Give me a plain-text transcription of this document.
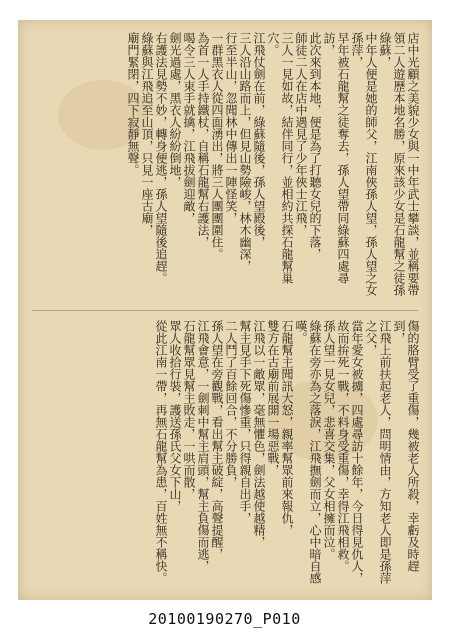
店中光顧之美貌少女與一中年武士攀談，並稱要帶領二人遊歷本地名勝，原來該少女是石龍幫之徒孫綠蘇，

中年人便是她的師父，江南俠孫人望，孫人望之女孫萍，

早年被石龍幫之徒奪去，孫人望帶同綠蘇四處尋訪，

此次來到本地，便是為了打聽女兒的下落，

師徒二人在店中遇見了少年俠士江飛，

三人一見如故，結伴同行，並相約共探石龍幫巢穴。

江飛仗劍在前，綠蘇隨後，孫人望殿後，

三人沿山路而上，但見山勢險峻，林木幽深，

行至半山，忽聞林中傳出一陣怪笑，

一群黑衣人從四面湧出，將三人團團圍住。

為首一人手持鐵杖，自稱石龍幫右護法，

喝令三人束手就擒，江飛拔劍迎敵，

劍光過處，黑衣人紛紛倒地，

右護法見勢不妙，轉身便逃，孫人望隨後追趕。

綠蘇與江飛追至山頂，只見一座古廟，

廟門緊閉，四下寂靜無聲。

傷的胳臂受了重傷，幾被老人所殺，幸虧及時趕到，

江飛上前扶起老人，問明情由，方知老人即是孫萍之父，

當年愛女被擄，四處尋訪十餘年，今日得見仇人，

故而拚死一戰，不料身受重傷，幸得江飛相救。

孫人望一見女兒，悲喜交集，父女相擁而泣。

綠蘇在旁亦為之落淚，江飛撫劍而立，心中暗自感嘆。

石龍幫主聞訊大怒，親率幫眾前來報仇，

雙方在古廟前展開一場惡戰，

江飛以一敵眾，毫無懼色，劍法越使越精，

幫主見手下死傷慘重，只得親自出手，

二人鬥了百餘回合，不分勝負，

孫人望在旁觀戰，看出幫主破綻，高聲提醒，

江飛會意，一劍刺中幫主肩頭，幫主負傷而逃，

石龍幫眾見幫主敗走，一哄而散，

眾人收拾行裝，護送孫氏父女下山，

從此江南一帶，再無石龍幫為患，百姓無不稱快。

20100190270_P010
